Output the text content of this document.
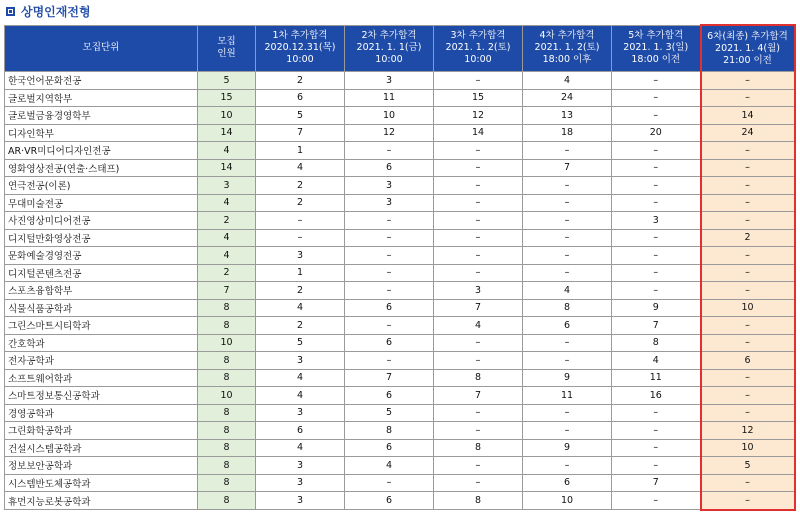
상명인재전형
모집단위	모집
인원	1차 추가합격
2020.12.31(목)
10:00	2차 추가합격
2021. 1. 1(금)
10:00	3차 추가합격
2021. 1. 2(토)
10:00	4차 추가합격
2021. 1. 2(토)
18:00 이후	5차 추가합격
2021. 1. 3(일)
18:00 이전	6차(최종) 추가합격
2021. 1. 4(월)
21:00 이전

한국언어문화전공	5	2	3	–	4	–	–
글로벌지역학부	15	6	11	15	24	–	–
글로벌금융경영학부	10	5	10	12	13	–	14
디자인학부	14	7	12	14	18	20	24
AR·VR미디어디자인전공	4	1	–	–	–	–	–
영화영상전공(연출·스태프)	14	4	6	–	7	–	–
연극전공(이론)	3	2	3	–	–	–	–
무대미술전공	4	2	3	–	–	–	–
사진영상미디어전공	2	–	–	–	–	3	–
디지털만화영상전공	4	–	–	–	–	–	2
문화예술경영전공	4	3	–	–	–	–	–
디지털콘텐츠전공	2	1	–	–	–	–	–
스포츠융합학부	7	2	–	3	4	–	–
식물식품공학과	8	4	6	7	8	9	10
그린스마트시티학과	8	2	–	4	6	7	–
간호학과	10	5	6	–	–	8	–
전자공학과	8	3	–	–	–	4	6
소프트웨어학과	8	4	7	8	9	11	–
스마트정보통신공학과	10	4	6	7	11	16	–
경영공학과	8	3	5	–	–	–	–
그린화학공학과	8	6	8	–	–	–	12
건설시스템공학과	8	4	6	8	9	–	10
정보보안공학과	8	3	4	–	–	–	5
시스템반도체공학과	8	3	–	–	6	7	–
휴먼지능로봇공학과	8	3	6	8	10	–	–
